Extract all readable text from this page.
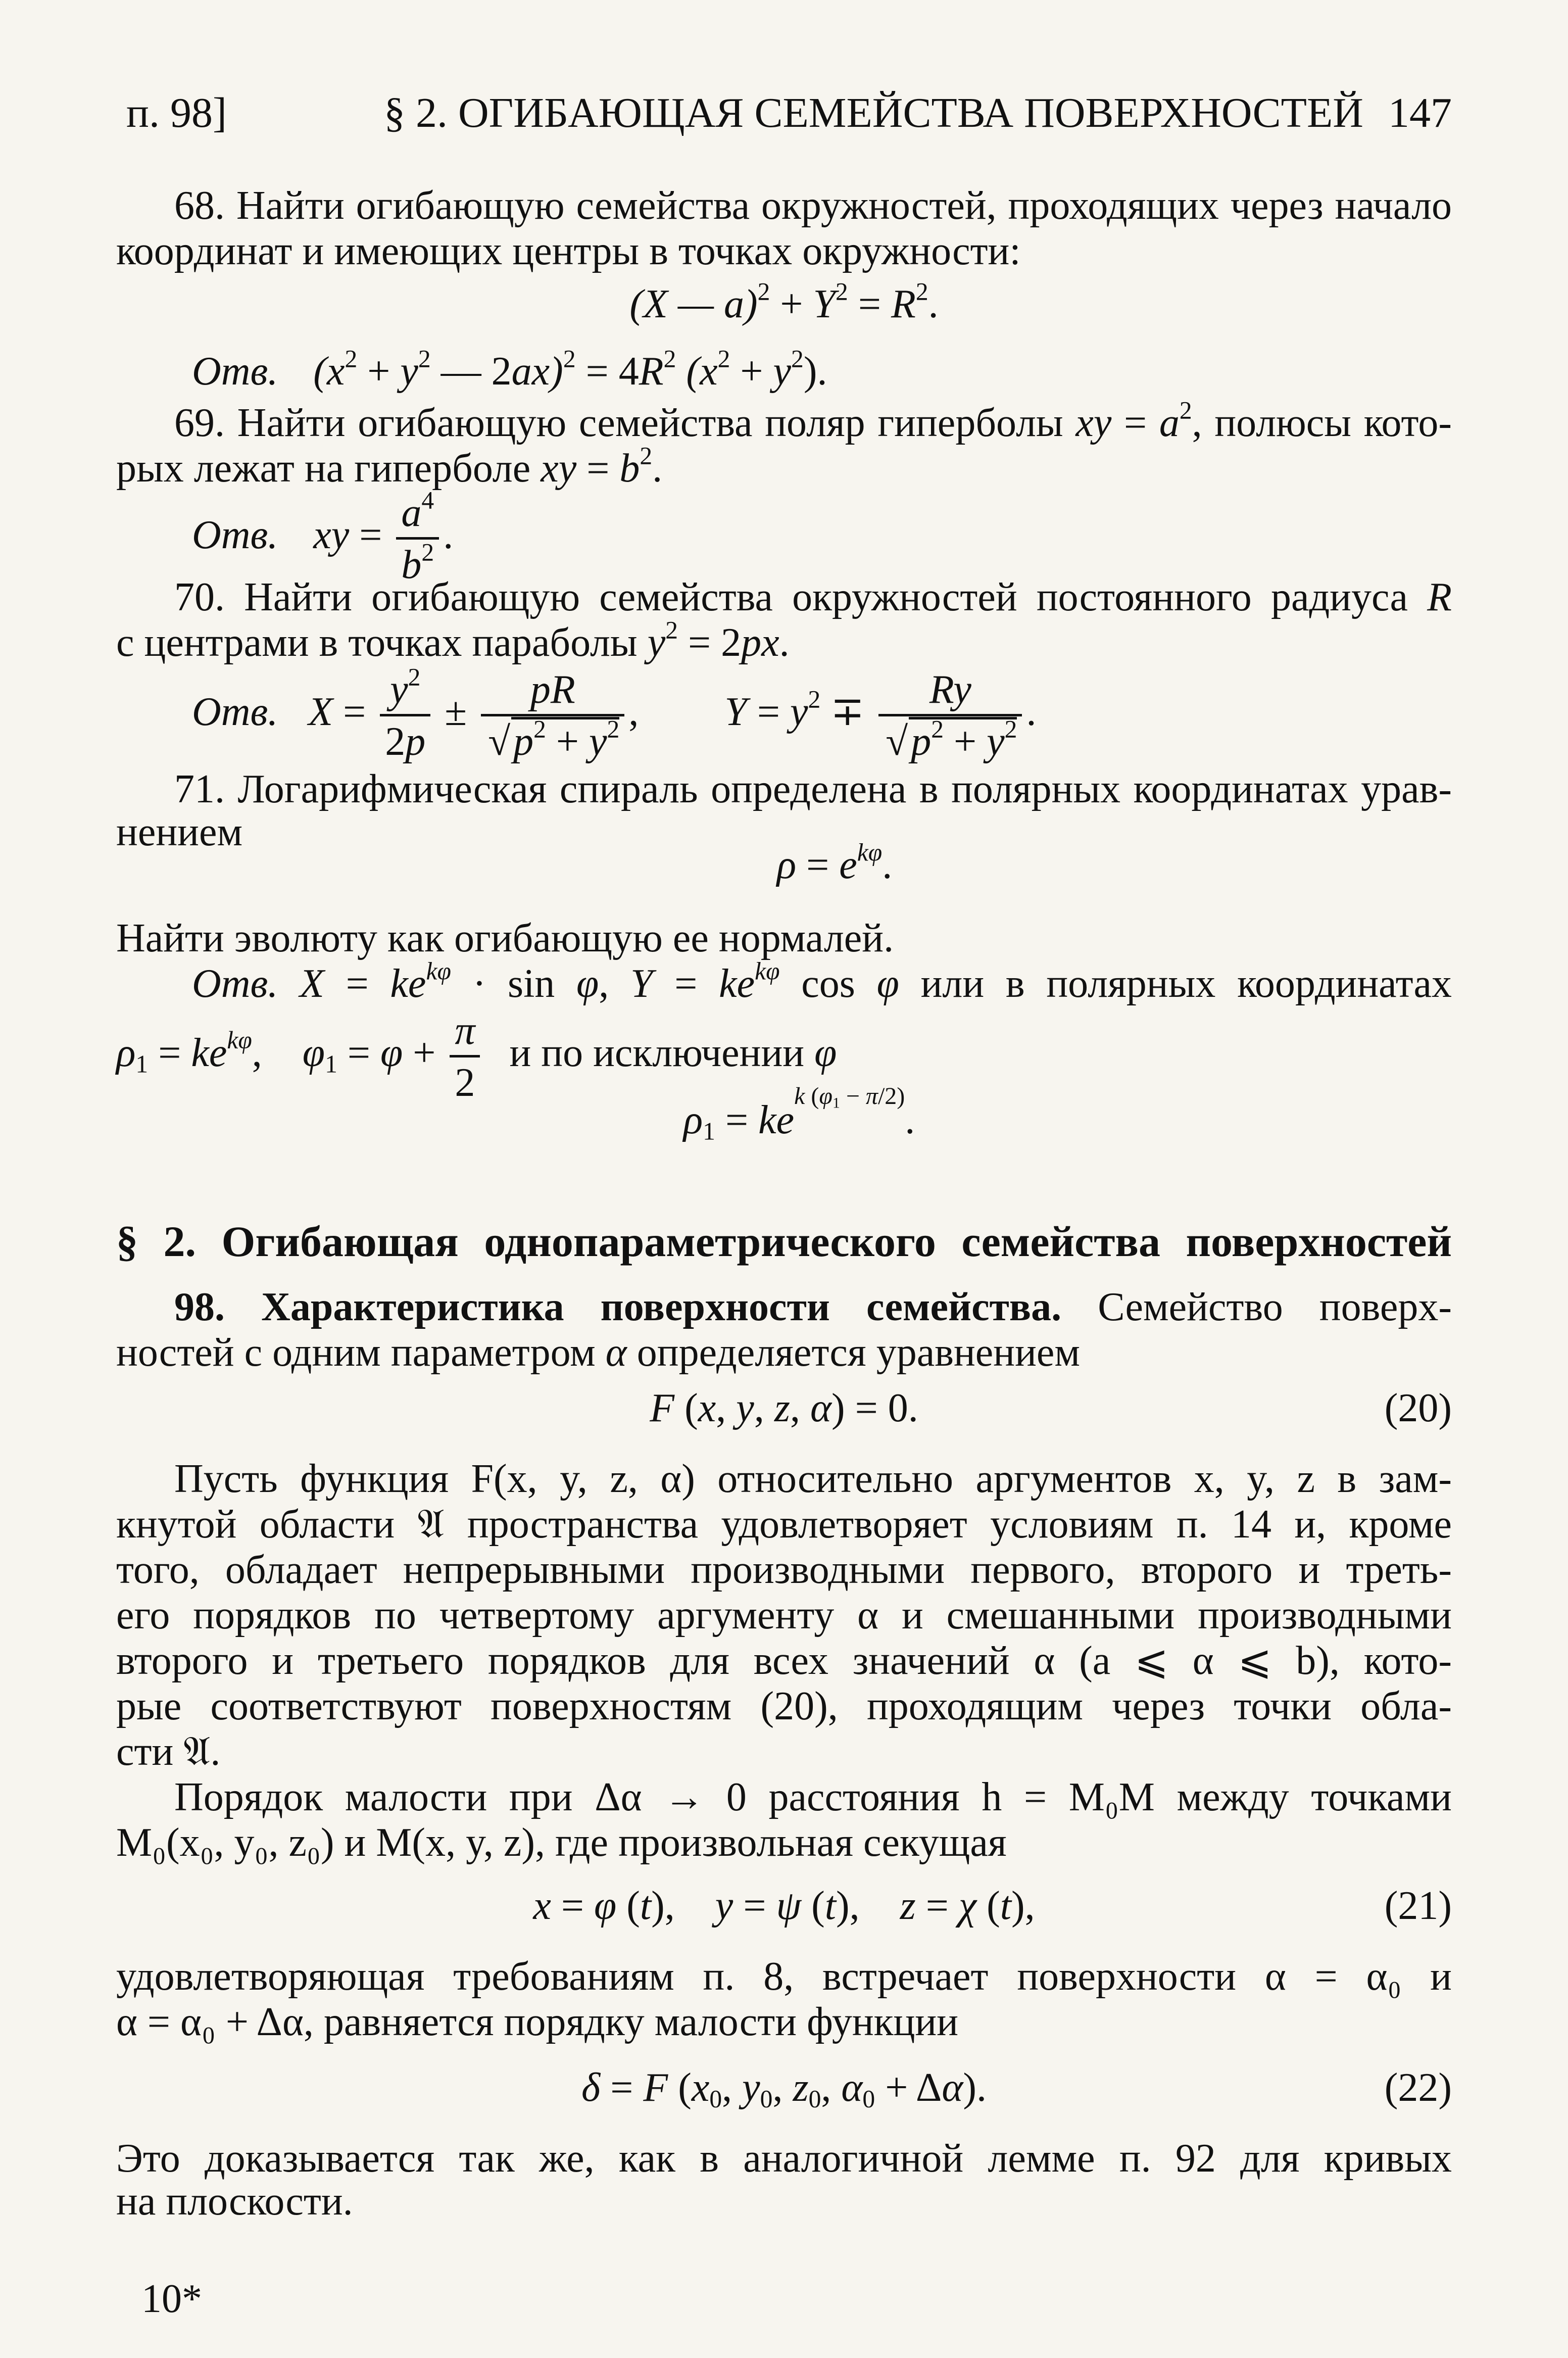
п. 98]	§ 2. ОГИБАЮЩАЯ СЕМЕЙСТВА ПОВЕРХНОСТЕЙ 147
68. Найти огибающую семейства окружностей, проходящих через начало
координат и имеющих центры в точках окружности:
(X — $a)^2 + Y^2 = R^2$.
Отв. ($x^2 + y^2$ — $2ax)^2 = 4R^2$ $(x^2 + y^2)$.
69. Найти огибающую семейства поляр гиперболы xy = $a^2$, полюсы кото-
рых лежат на гиперболе xy = $b^2$.
Отв. xy = $\frac{a^4}{b^2}$ .
70. Найти огибающую семейства окружностей постоянного радиуса R
с центрами в точках параболы $y^2 = 2px$.
Отв. $X = \frac{y^2}{2p}$ ± pR
√ $p^2 + y^2$ , $Y = y^2 \mp Ry$
√ $p^2 + y^2$ .
71. Логарифмическая спираль определена в полярных координатах урав-
нением
$\rho = e^{k\varphi}$.
Найти эволюту как огибающую ее нормалей.
Отв. $X = ke^{k\varphi} \cdot \sin \varphi$, $Y = ke^{k\varphi}$ cos φ или в полярных координатах
$\rho_1 = ke^{k\varphi}$,    $\varphi_1 = \varphi + \frac{\pi}{2}$ и по исключении φ
$\rho_1 = ke^{k (\varphi_1 - \pi/2)}$.
§ 2. Огибающая однопараметрического семейства поверхностей
98. Характеристика поверхности семейства. Семейство поверх-
ностей с одним параметром α определяется уравнением
F (x, y, z, α) = 0.	(20)
Пусть функция F(x, y, z, α) относительно аргументов x, y, z в зам-
кнутой области 𝔄 пространства удовлетворяет условиям п. 14 и, кроме
того, обладает непрерывными производными первого, второго и треть-
его порядков по четвертому аргументу α и смешанными производными
второго и третьего порядков для всех значений α (a ⩽ α ⩽ b), кото-
рые соответствуют поверхностям (20), проходящим через точки обла-
сти 𝔄.
Порядок малости при Δα → 0 расстояния h = M₀M между точками
M₀(x₀, y₀, z₀) и M(x, y, z), где произвольная секущая
x = φ (t),    y = ψ (t),    z = χ (t),	(21)
удовлетворяющая требованиям п. 8, встречает поверхности α = α₀ и
α = α₀ + Δα, равняется порядку малости функции
δ = F ($x_0$, $y_0$, $z_0$, $\alpha_0 + \Delta\alpha$).	(22)
Это доказывается так же, как в аналогичной лемме п. 92 для кривых
на плоскости.
10*
